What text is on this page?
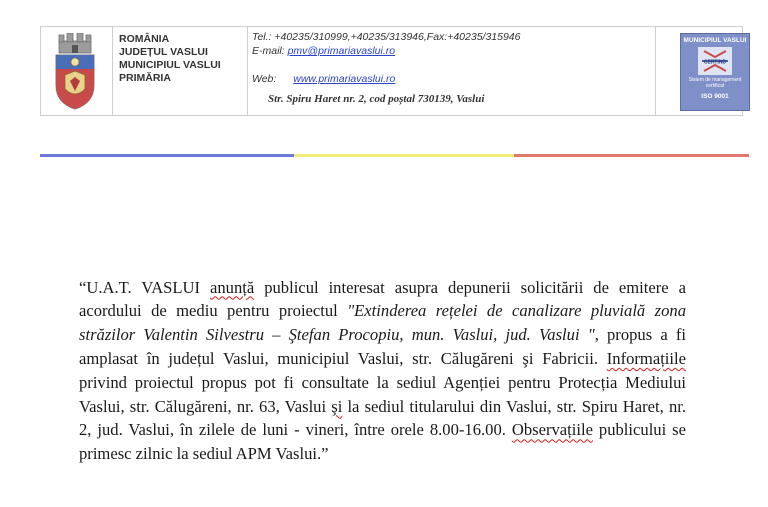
ROMÂNIA
JUDEȚUL VASLUI
MUNICIPIUL VASLUI
PRIMĂRIA
Tel.: +40235/310999,+40235/313946,Fax:+40235/315946
E-mail: pmv@primariavaslui.ro
Web: www.primariavaslui.ro
Str. Spiru Haret nr. 2, cod poștal 730139, Vaslui
MUNICIPIUL VASLUI
CERTIND
Sistem de management certificat
ISO 9001

“U.A.T. VASLUI anunță publicul interesat asupra depunerii solicitării de emitere a acordului de mediu pentru proiectul "Extinderea rețelei de canalizare pluvială zona străzilor Valentin Silvestru – Ştefan Procopiu, mun. Vaslui, jud. Vaslui ", propus a fi amplasat în județul Vaslui, municipiul Vaslui, str. Călugăreni şi Fabricii. Informațiile privind proiectul propus pot fi consultate la sediul Agenției pentru Protecția Mediului Vaslui, str. Călugăreni, nr. 63, Vaslui şi la sediul titularului din Vaslui, str. Spiru Haret, nr. 2, jud. Vaslui, în zilele de luni - vineri, între orele 8.00-16.00. Observațiile publicului se primesc zilnic la sediul APM Vaslui.”
